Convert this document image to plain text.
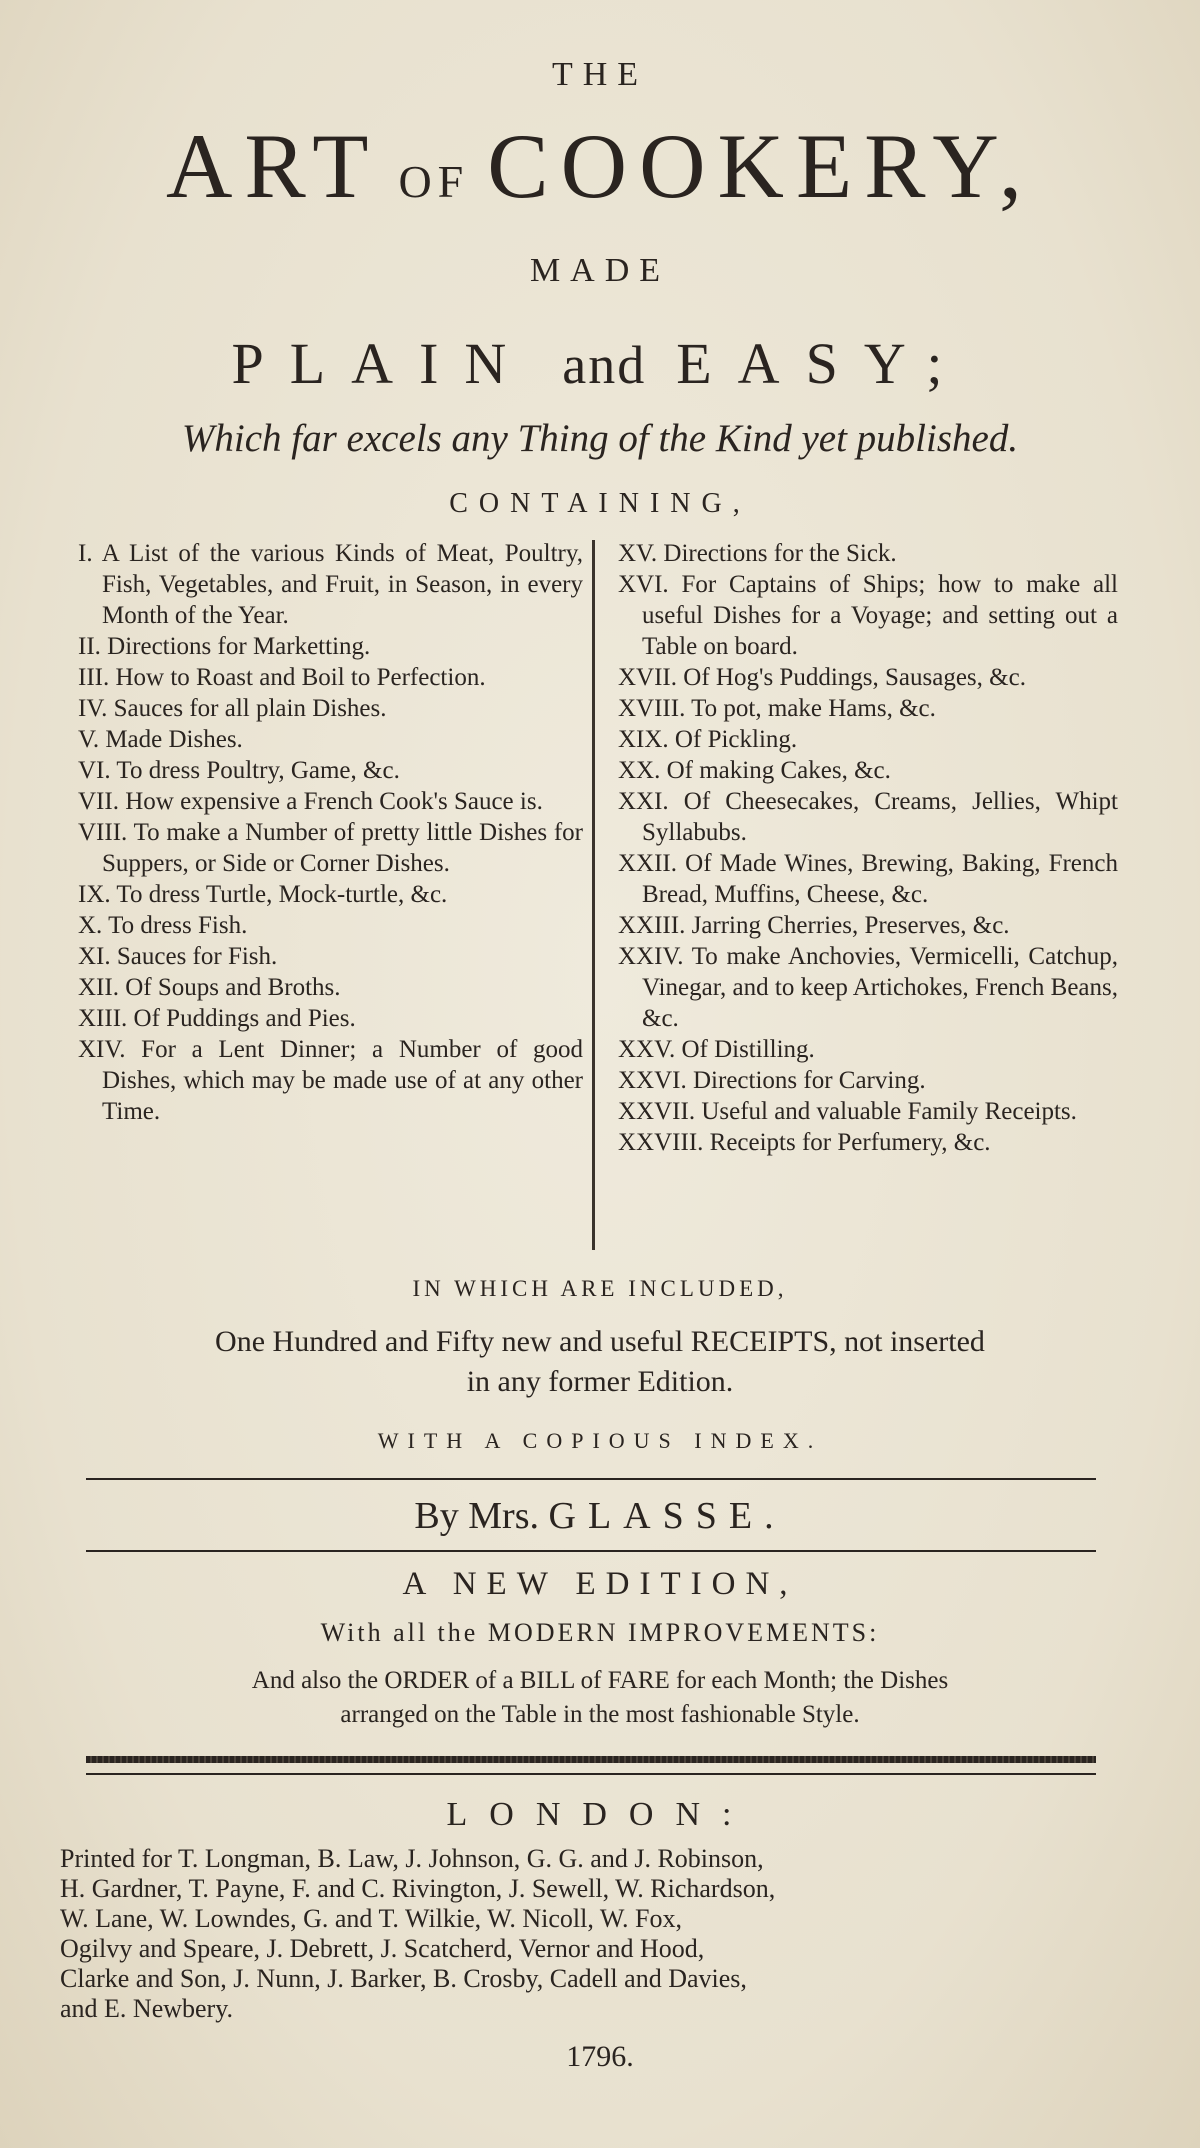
THE
ART OF COOKERY,
MADE
PLAIN and EASY;
Which far excels any Thing of the Kind yet published.
CONTAINING,
I. A List of the various Kinds of Meat, Poultry, Fish, Vegetables, and Fruit, in Season, in every Month of the Year.
II. Directions for Marketting.
III. How to Roast and Boil to Perfection.
IV. Sauces for all plain Dishes.
V. Made Dishes.
VI. To dress Poultry, Game, &c.
VII. How expensive a French Cook's Sauce is.
VIII. To make a Number of pretty little Dishes for Suppers, or Side or Corner Dishes.
IX. To dress Turtle, Mock-turtle, &c.
X. To dress Fish.
XI. Sauces for Fish.
XII. Of Soups and Broths.
XIII. Of Puddings and Pies.
XIV. For a Lent Dinner; a Number of good Dishes, which may be made use of at any other Time.
XV. Directions for the Sick.
XVI. For Captains of Ships; how to make all useful Dishes for a Voyage; and setting out a Table on board.
XVII. Of Hog's Puddings, Sausages, &c.
XVIII. To pot, make Hams, &c.
XIX. Of Pickling.
XX. Of making Cakes, &c.
XXI. Of Cheesecakes, Creams, Jellies, Whipt Syllabubs.
XXII. Of Made Wines, Brewing, Baking, French Bread, Muffins, Cheese, &c.
XXIII. Jarring Cherries, Preserves, &c.
XXIV. To make Anchovies, Vermicelli, Catchup, Vinegar, and to keep Artichokes, French Beans, &c.
XXV. Of Distilling.
XXVI. Directions for Carving.
XXVII. Useful and valuable Family Receipts.
XXVIII. Receipts for Perfumery, &c.
IN WHICH ARE INCLUDED,
One Hundred and Fifty new and useful RECEIPTS, not inserted
in any former Edition.
WITH A COPIOUS INDEX.
By Mrs. GLASSE.
A NEW EDITION,
With all the MODERN IMPROVEMENTS:
And also the ORDER of a BILL of FARE for each Month; the Dishes
arranged on the Table in the most fashionable Style.
LONDON:
Printed for T. Longman, B. Law, J. Johnson, G. G. and J. Robinson,
H. Gardner, T. Payne, F. and C. Rivington, J. Sewell, W. Richardson,
W. Lane, W. Lowndes, G. and T. Wilkie, W. Nicoll, W. Fox,
Ogilvy and Speare, J. Debrett, J. Scatcherd, Vernor and Hood,
Clarke and Son, J. Nunn, J. Barker, B. Crosby, Cadell and Davies,
and E. Newbery.
1796.
